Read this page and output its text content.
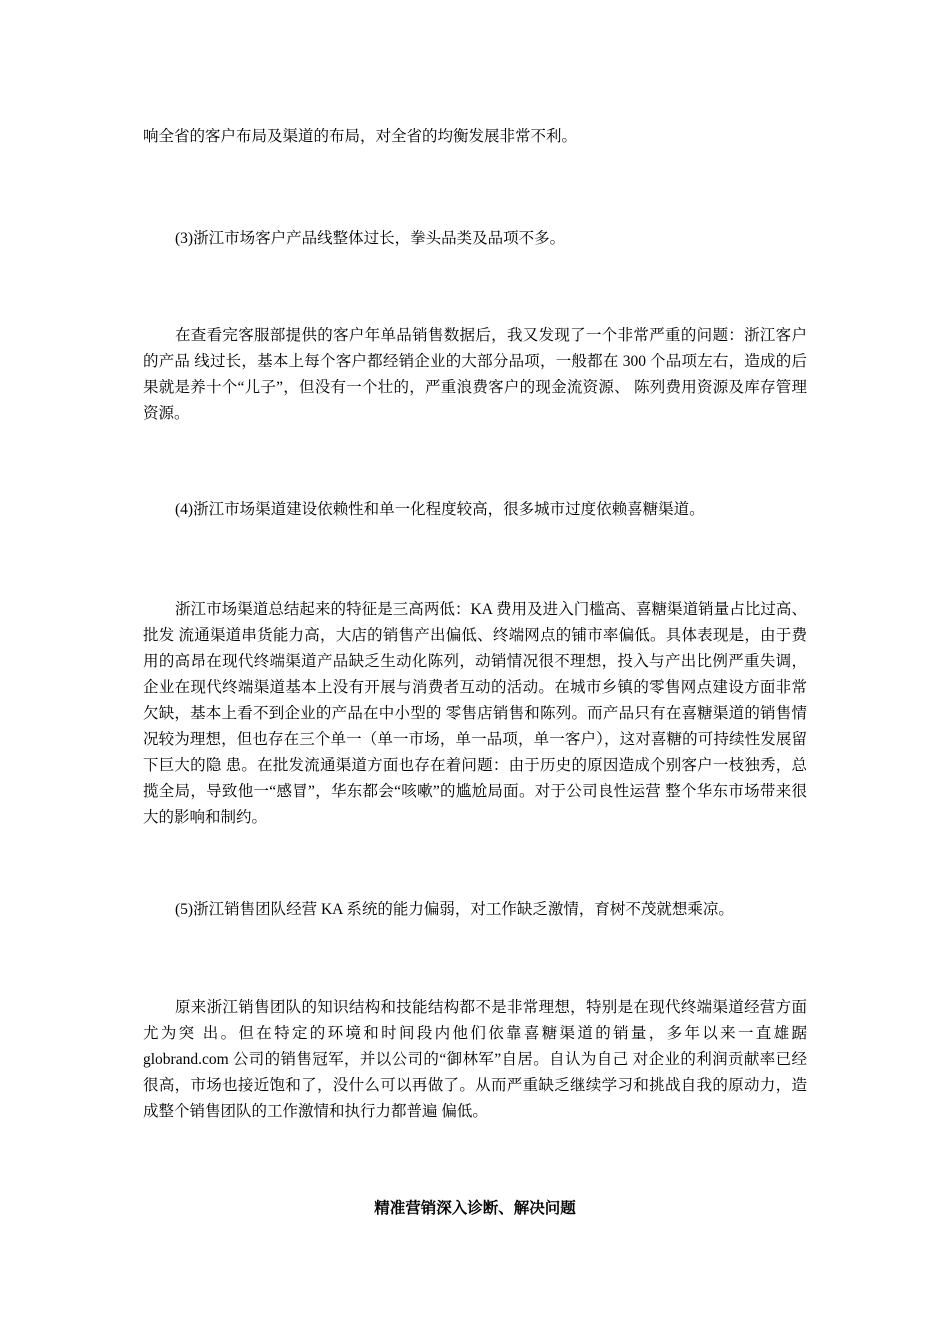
响全省的客户布局及渠道的布局，对全省的均衡发展非常不利。

(3)浙江市场客户产品线整体过长，拳头品类及品项不多。

在查看完客服部提供的客户年单品销售数据后，我又发现了一个非常严重的问题：浙江客户的产品 线过长，基本上每个客户都经销企业的大部分品项，一般都在 300 个品项左右，造成的后果就是养十个“儿子”，但没有一个壮的，严重浪费客户的现金流资源、 陈列费用资源及库存管理资源。

(4)浙江市场渠道建设依赖性和单一化程度较高，很多城市过度依赖喜糖渠道。

浙江市场渠道总结起来的特征是三高两低：KA 费用及进入门槛高、喜糖渠道销量占比过高、批发 流通渠道串货能力高，大店的销售产出偏低、终端网点的铺市率偏低。具体表现是，由于费用的高昂在现代终端渠道产品缺乏生动化陈列，动销情况很不理想，投入与产出比例严重失调，企业在现代终端渠道基本上没有开展与消费者互动的活动。在城市乡镇的零售网点建设方面非常欠缺，基本上看不到企业的产品在中小型的 零售店销售和陈列。而产品只有在喜糖渠道的销售情况较为理想，但也存在三个单一（单一市场，单一品项，单一客户），这对喜糖的可持续性发展留下巨大的隐 患。在批发流通渠道方面也存在着问题：由于历史的原因造成个别客户一枝独秀，总揽全局，导致他一“感冒”，华东都会“咳嗽”的尴尬局面。对于公司良性运营 整个华东市场带来很大的影响和制约。

(5)浙江销售团队经营 KA 系统的能力偏弱，对工作缺乏激情，育树不茂就想乘凉。

原来浙江销售团队的知识结构和技能结构都不是非常理想，特别是在现代终端渠道经营方面尤为突 出。但在特定的环境和时间段内他们依靠喜糖渠道的销量，多年以来一直雄踞 globrand.com 公司的销售冠军，并以公司的“御林军”自居。自认为自己 对企业的利润贡献率已经很高，市场也接近饱和了，没什么可以再做了。从而严重缺乏继续学习和挑战自我的原动力，造成整个销售团队的工作激情和执行力都普遍 偏低。

精准营销深入诊断、解决问题
